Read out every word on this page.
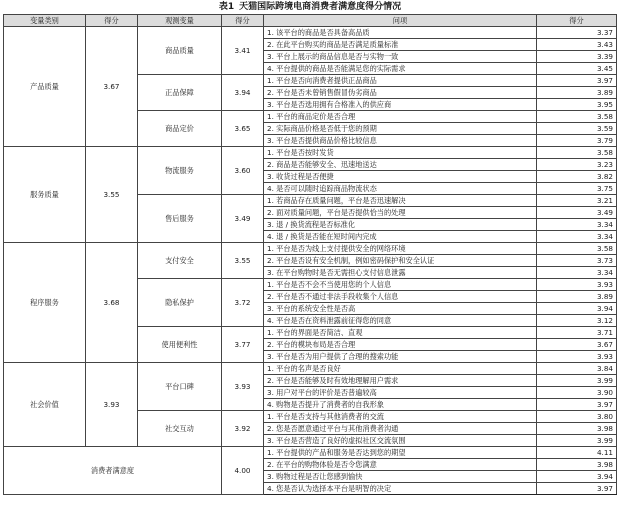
表1 天猫国际跨境电商消费者满意度得分情况
变量类别	得分	观测变量	得分	问项	得分
产品质量	3.67	商品质量	3.41	1. 该平台的商品是否具备高品质	3.37
				2. 在此平台购买的商品是否满足质量标准	3.43
				3. 平台上展示的商品信息是否与实物一致	3.39
				4. 平台提供的商品是否能满足您的实际需求	3.45
		正品保障	3.94	1. 平台是否向消费者提供正品商品	3.97
				2. 平台是否未曾销售假冒伪劣商品	3.89
				3. 平台是否选用拥有合格准入的供应商	3.95
		商品定价	3.65	1. 平台的商品定价是否合理	3.58
				2. 实际商品价格是否低于您的预期	3.59
				3. 平台是否提供商品价格比较信息	3.79
服务质量	3.55	物流服务	3.60	1. 平台是否按时发货	3.58
				2. 商品是否能够安全、迅速地送达	3.23
				3. 收货过程是否便捷	3.82
				4. 是否可以随时追踪商品物流状态	3.75
		售后服务	3.49	1. 若商品存在质量问题，平台是否迅速解决	3.21
				2. 面对质量问题，平台是否提供恰当的处理	3.49
				3. 退 / 换货流程是否标准化	3.34
				4. 退 / 换货是否能在短时间内完成	3.34
程序服务	3.68	支付安全	3.55	1. 平台是否为线上支付提供安全的网络环境	3.58
				2. 平台是否设有安全机制，例如密码保护和安全认证	3.73
				3. 在平台购物时是否无需担心支付信息泄露	3.34
		隐私保护	3.72	1. 平台是否不会不当使用您的个人信息	3.93
				2. 平台是否不通过非法手段收集个人信息	3.89
				3. 平台的系统安全性是否高	3.94
				4. 平台是否在资料泄露前征得您的同意	3.12
		使用便利性	3.77	1. 平台的界面是否简洁、直观	3.71
				2. 平台的模块布局是否合理	3.67
				3. 平台是否为用户提供了合理的搜索功能	3.93
社会价值	3.93	平台口碑	3.93	1. 平台的名声是否良好	3.84
				2. 平台是否能够及时有效地理解用户需求	3.99
				3. 用户对平台的评价是否普遍较高	3.90
				4. 购物是否提升了消费者的自我形象	3.97
		社交互动	3.92	1. 平台是否支持与其他消费者的交流	3.80
				2. 您是否愿意通过平台与其他消费者沟通	3.98
				3. 平台是否营造了良好的虚拟社区交流氛围	3.99
消费者满意度			4.00	1. 平台提供的产品和服务是否达到您的期望	4.11
				2. 在平台的购物体验是否令您满意	3.98
				3. 购物过程是否让您感到愉快	3.94
				4. 您是否认为选择本平台是明智的决定	3.97
